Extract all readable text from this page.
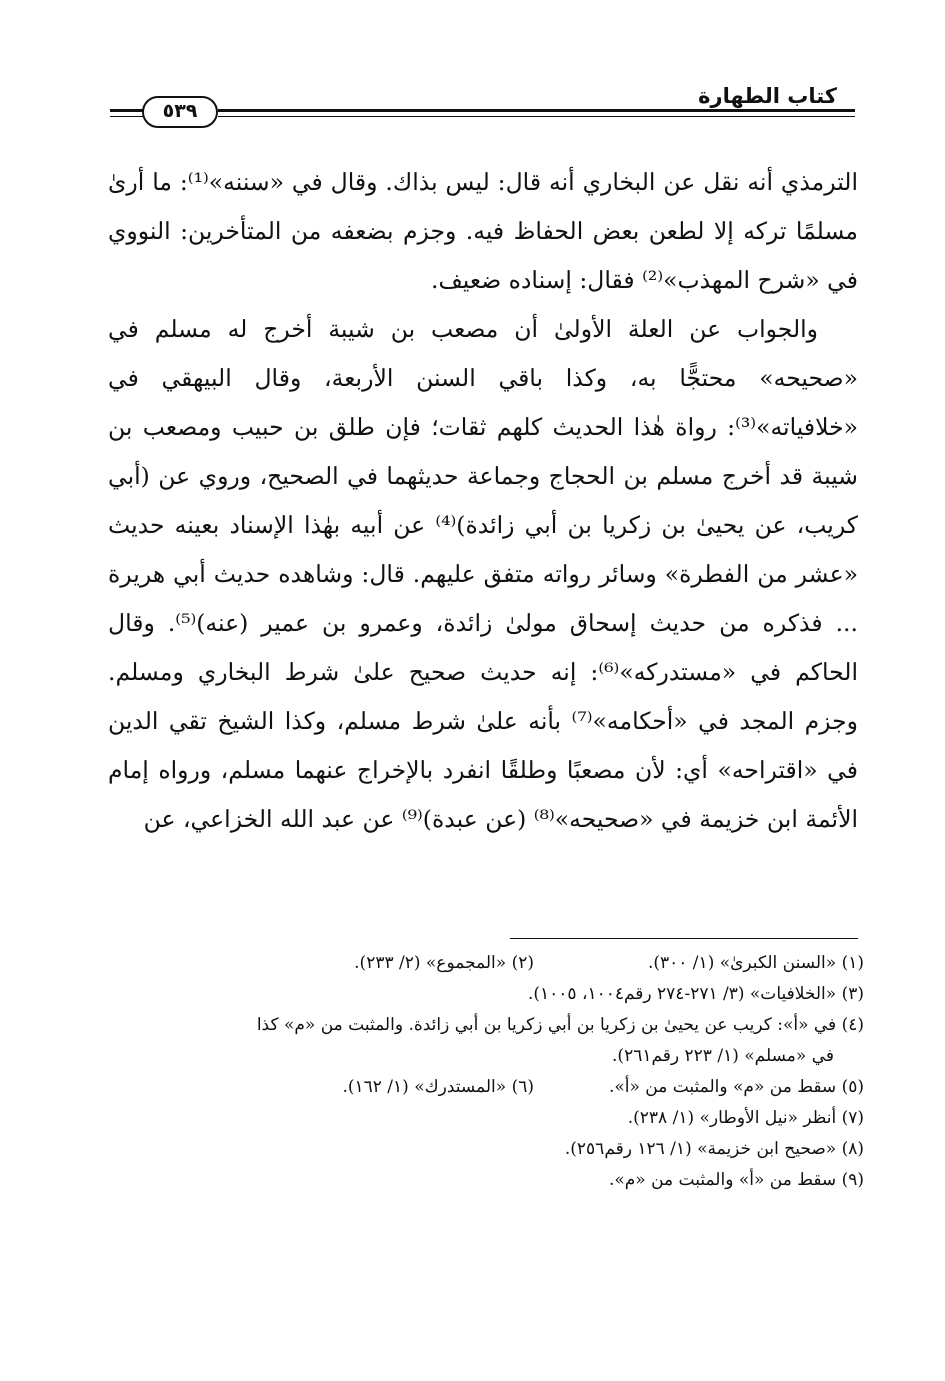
كتاب الطهارة
٥٣٩

الترمذي أنه نقل عن البخاري أنه قال: ليس بذاك. وقال في «سننه»⁽¹⁾: ما أرىٰ مسلمًا تركه إلا لطعن بعض الحفاظ فيه. وجزم بضعفه من المتأخرين: النووي في «شرح المهذب»⁽²⁾ فقال: إسناده ضعيف.

والجواب عن العلة الأولىٰ أن مصعب بن شيبة أخرج له مسلم في «صحيحه» محتجًّا به، وكذا باقي السنن الأربعة، وقال البيهقي في «خلافياته»⁽³⁾: رواة هٰذا الحديث كلهم ثقات؛ فإن طلق بن حبيب ومصعب بن شيبة قد أخرج مسلم بن الحجاج وجماعة حديثهما في الصحيح، وروي عن (أبي كريب، عن يحيىٰ بن زكريا بن أبي زائدة)⁽⁴⁾ عن أبيه بهٰذا الإسناد بعينه حديث «عشر من الفطرة» وسائر رواته متفق عليهم. قال: وشاهده حديث أبي هريرة ... فذكره من حديث إسحاق مولىٰ زائدة، وعمرو بن عمير (عنه)⁽⁵⁾. وقال الحاكم في «مستدركه»⁽⁶⁾: إنه حديث صحيح علىٰ شرط البخاري ومسلم. وجزم المجد في «أحكامه»⁽⁷⁾ بأنه علىٰ شرط مسلم، وكذا الشيخ تقي الدين في «اقتراحه» أي: لأن مصعبًا وطلقًا انفرد بالإخراج عنهما مسلم، ورواه إمام الأئمة ابن خزيمة في «صحيحه»⁽⁸⁾ (عن عبدة)⁽⁹⁾ عن عبد الله الخزاعي، عن

(١) «السنن الكبرىٰ» (١/ ٣٠٠).
(٢) «المجموع» (٢/ ٢٣٣).
(٣) «الخلافيات» (٣/ ٢٧١-٢٧٤ رقم١٠٠٤، ١٠٠٥).
(٤) في «أ»: كريب عن يحيىٰ بن زكريا بن أبي زكريا بن أبي زائدة. والمثبت من «م» كذا
في «مسلم» (١/ ٢٢٣ رقم٢٦١).
(٥) سقط من «م» والمثبت من «أ».
(٦) «المستدرك» (١/ ١٦٢).
(٧) أنظر «نيل الأوطار» (١/ ٢٣٨).
(٨) «صحيح ابن خزيمة» (١/ ١٢٦ رقم٢٥٦).
(٩) سقط من «أ» والمثبت من «م».
